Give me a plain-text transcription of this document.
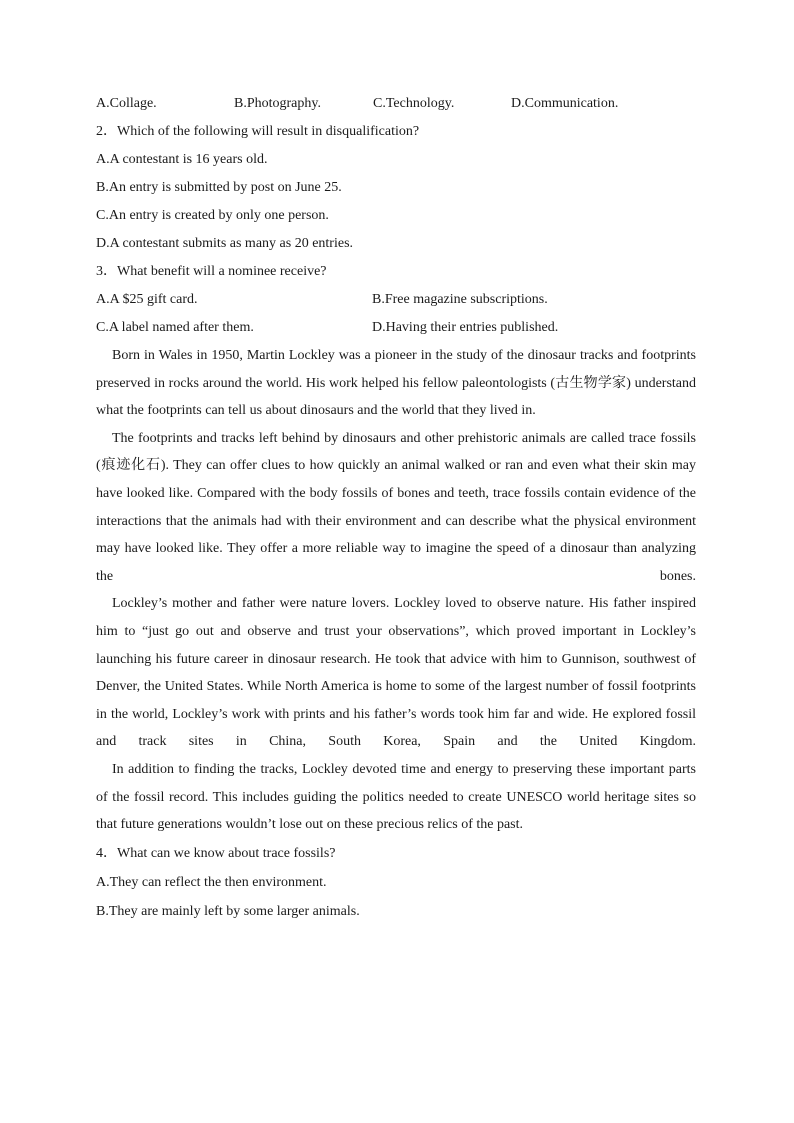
A.Collage.	B.Photography.	C.Technology.	D.Communication.
2．Which of the following will result in disqualification?
A.A contestant is 16 years old.
B.An entry is submitted by post on June 25.
C.An entry is created by only one person.
D.A contestant submits as many as 20 entries.
3．What benefit will a nominee receive?
A.A $25 gift card.	B.Free magazine subscriptions.
C.A label named after them.	D.Having their entries published.
Born in Wales in 1950, Martin Lockley was a pioneer in the study of the dinosaur tracks and footprints preserved in rocks around the world. His work helped his fellow paleontologists (古生物学家) understand what the footprints can tell us about dinosaurs and the world that they lived in.
The footprints and tracks left behind by dinosaurs and other prehistoric animals are called trace fossils (痕迹化石). They can offer clues to how quickly an animal walked or ran and even what their skin may have looked like. Compared with the body fossils of bones and teeth, trace fossils contain evidence of the interactions that the animals had with their environment and can describe what the physical environment may have looked like. They offer a more reliable way to imagine the speed of a dinosaur than analyzing the bones.
Lockley’s mother and father were nature lovers. Lockley loved to observe nature. His father inspired him to “just go out and observe and trust your observations”, which proved important in Lockley’s launching his future career in dinosaur research. He took that advice with him to Gunnison, southwest of Denver, the United States. While North America is home to some of the largest number of fossil footprints in the world, Lockley’s work with prints and his father’s words took him far and wide. He explored fossil and track sites in China, South Korea, Spain and the United Kingdom.
In addition to finding the tracks, Lockley devoted time and energy to preserving these important parts of the fossil record. This includes guiding the politics needed to create UNESCO world heritage sites so that future generations wouldn’t lose out on these precious relics of the past.
4．What can we know about trace fossils?
A.They can reflect the then environment.
B.They are mainly left by some larger animals.
